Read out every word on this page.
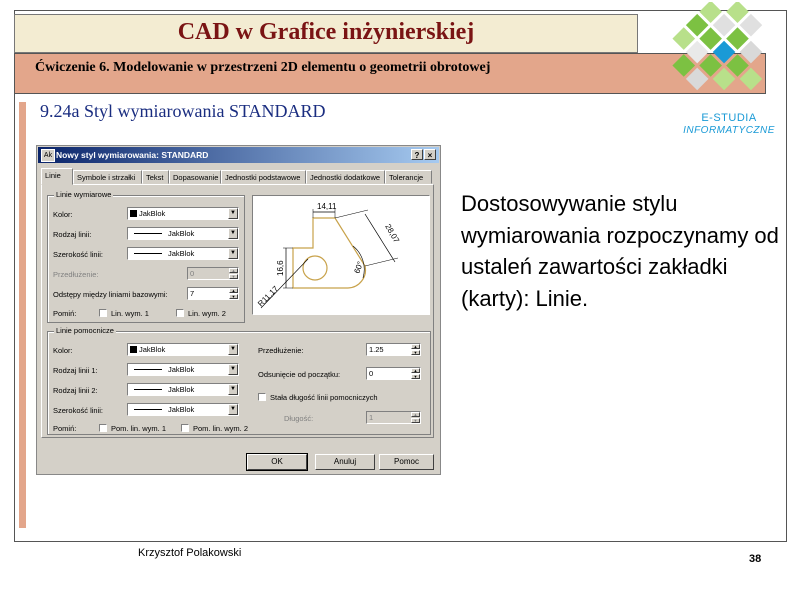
CAD w Grafice inżynierskiej
Ćwiczenie 6. Modelowanie w przestrzeni 2D elementu o geometrii obrotowej
E-STUDIA
INFORMATYCZNE
9.24a Styl wymiarowania STANDARD
Dostosowywanie stylu wymiarowania rozpoczynamy od ustaleń zawartości zakładki (karty): Linie.
Krzysztof Polakowski	38
Ak Nowy styl wymiarowania: STANDARD	?	×
Linie	Symbole i strzałki	Tekst	Dopasowanie Jednostki podstawowe	Jednostki dodatkowe	Tolerancje
Linie wymiarowe
Kolor:	JakBlok	▼
Rodzaj linii:	JakBlok	▼
Szerokość linii:	JakBlok	▼
Przedłużenie:	0	▲
▼
Odstępy między liniami bazowymi:	7	▲
▼
Pomiń:	Lin. wym. 1	Lin. wym. 2
14,11
16,6
28,07
60°
R11,17
Linie pomocnicze
Kolor:	JakBlok	▼
Rodzaj linii 1:	JakBlok	▼
Rodzaj linii 2:	JakBlok	▼
Szerokość linii:	JakBlok	▼
Pomiń:	Pom. lin. wym. 1	Pom. lin. wym. 2
Przedłużenie:	1.25	▲
▼
Odsunięcie od początku:	0	▲
▼
Stała długość linii pomocniczych
Długość:	1	▲
▼
OK	Anuluj	Pomoc
